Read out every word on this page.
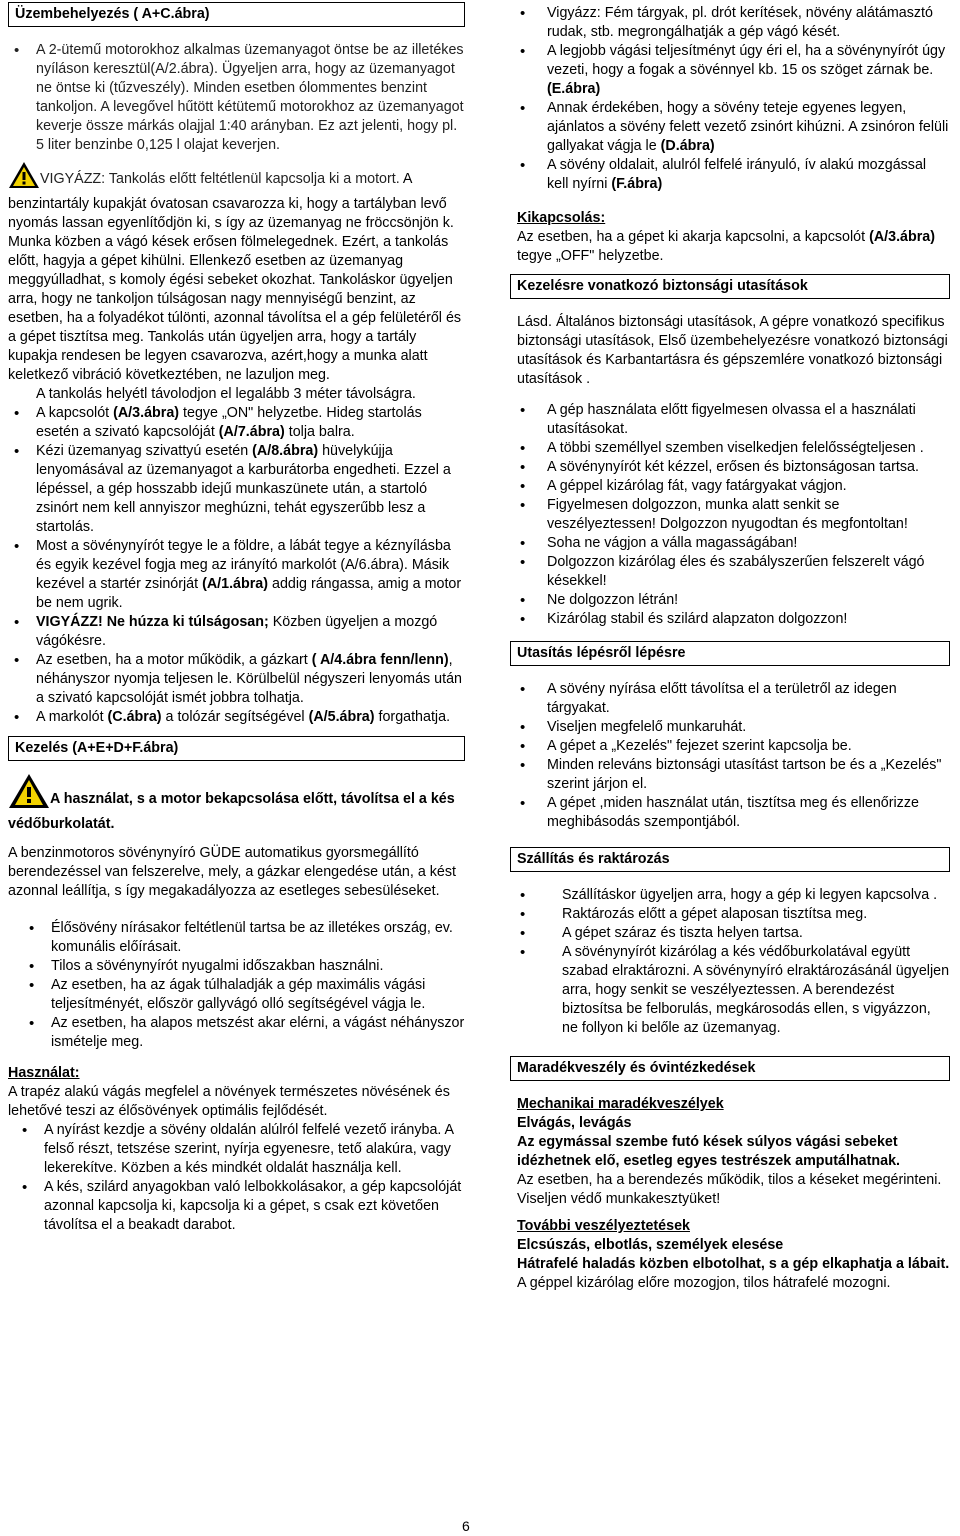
Üzembehelyezés ( A+C.ábra)
• A 2-ütemű motorokhoz alkalmas üzemanyagot öntse be az illetékes nyíláson keresztül(A/2.ábra). Ügyeljen arra, hogy az üzemanyagot ne öntse ki (tűzveszély). Minden esetben ólommentes benzint tankoljon. A levegővel hűtött kétütemű motorokhoz az üzemanyagot keverje össze márkás olajjal 1:40 arányban. Ez azt jelenti, hogy pl. 5 liter benzinbe 0,125 l olajat keverjen.

VIGYÁZZ: Tankolás előtt feltétlenül kapcsolja ki a motort. A benzintartály kupakját óvatosan csavarozza ki, hogy a tartályban levő nyomás lassan egyenlítődjön ki, s így az üzemanyag ne fröccsönjön k. Munka közben a vágó kések erősen fölmelegednek. Ezért, a tankolás előtt, hagyja a gépet kihülni. Ellenkező esetben az üzemanyag meggyúlladhat, s komoly égési sebeket okozhat. Tankoláskor ügyeljen arra, hogy ne tankoljon túlságosan nagy mennyiségű benzint, az esetben, ha a folyadékot túlönti, azonnal távolítsa el a gép felületéről és a gépet tisztítsa meg. Tankolás után ügyeljen arra, hogy a tartály kupakja rendesen be legyen csavarozva, azért,hogy a munka alatt keletkező vibráció következtében, ne lazuljon meg.

A tankolás helyétl távolodjon el legalább 3 méter távolságra.

• A kapcsolót (A/3.ábra) tegye „ON" helyzetbe. Hideg startolás esetén a szivató kapcsolóját (A/7.ábra) tolja balra.
• Kézi üzemanyag szivattyú esetén (A/8.ábra) hüvelykújja lenyomásával az üzemanyagot a karburátorba engedheti. Ezzel a lépéssel, a gép hosszabb idejű munkaszünete után, a startoló zsinórt nem kell annyiszor meghúzni, tehát egyszerűbb lesz a startolás.
• Most a sövénynyírót tegye le a földre, a lábát tegye a kéznyílásba és egyik kezével fogja meg az irányító markolót (A/6.ábra). Másik kezével a startér zsinórját (A/1.ábra) addig rángassa, amig a motor be nem ugrik.
• VIGYÁZZ! Ne húzza ki túlságosan; Közben ügyeljen a mozgó vágókésre.
• Az esetben, ha a motor működik, a gázkart ( A/4.ábra fenn/lenn), néhányszor nyomja teljesen le. Körülbelül négyszeri lenyomás után a szivató kapcsolóját ismét jobbra tolhatja.
• A markolót (C.ábra) a tolózár segítségével (A/5.ábra) forgathatja.
Kezelés (A+E+D+F.ábra)

A használat, s a motor bekapcsolása előtt, távolítsa el a kés védőburkolatát.

A benzinmotoros sövénynyíró GÜDE automatikus gyorsmegállító berendezéssel van felszerelve, mely, a gázkar elengedése után, a kést azonnal leállítja, s így megakadályozza az esetleges sebesüléseket.

• Élősövény nírásakor feltétlenül tartsa be az illetékes ország, ev. komunális előírásait.
• Tilos a sövénynyírót nyugalmi időszakban használni.
• Az esetben, ha az ágak túlhaladják a gép maximális vágási teljesítményét, először gallyvágó olló segítségével vágja le.
• Az esetben, ha alapos metszést akar elérni, a vágást néhányszor ismételje meg.

Használat:

A trapéz alakú vágás megfelel a növények természetes növésének és lehetővé teszi az élősövények optimális fejlődését.

• A nyírást kezdje a sövény oldalán alúlról felfelé vezető irányba. A felső részt, tetszése szerint, nyírja egyenesre, tető alakúra, vagy lekerekítve. Közben a kés mindkét oldalát használja kell.
• A kés, szilárd anyagokban való lelbokkolásakor, a gép kapcsolóját azonnal kapcsolja ki, kapcsolja ki a gépet, s csak ezt követően távolítsa el a beakadt darabot.
• Vigyázz: Fém tárgyak, pl. drót kerítések, növény alátámasztó rudak, stb. megrongálhatják a gép vágó kését.
• A legjobb vágási teljesítményt úgy éri el, ha a sövénynyírót úgy vezeti, hogy a fogak a sövénnyel kb. 15 os szöget zárnak be. (E.ábra)
• Annak érdekében, hogy a sövény teteje egyenes legyen, ajánlatos a sövény felett vezető zsinórt kihúzni. A zsinóron felüli gallyakat vágja le (D.ábra)
• A sövény oldalait, alulról felfelé irányuló, ív alakú mozgással kell nyírni (F.ábra)

Kikapcsolás:

Az esetben, ha a gépet ki akarja kapcsolni, a kapcsolót (A/3.ábra) tegye „OFF" helyzetbe.

Kezelésre vonatkozó biztonsági utasítások

Lásd. Általános biztonsági utasítások, A gépre vonatkozó specifikus biztonsági utasítások, Első üzembehelyezésre vonatkozó biztonsági utasítások és Karbantartásra és gépszemlére vonatkozó biztonsági utasítások .

• A gép használata előtt figyelmesen olvassa el a használati utasításokat.
• A többi személlyel szemben viselkedjen felelősségteljesen .
• A sövénynyírót két kézzel, erősen és biztonságosan tartsa.
• A géppel kizárólag fát, vagy fatárgyakat vágjon.
• Figyelmesen dolgozzon, munka alatt senkit se veszélyeztessen! Dolgozzon nyugodtan és megfontoltan!
• Soha ne vágjon a válla magasságában!
• Dolgozzon kizárólag éles és szabályszerűen felszerelt vágó késekkel!
• Ne dolgozzon létrán!
• Kizárólag stabil és szilárd alapzaton dolgozzon!
Utasítás lépésről lépésre
• A sövény nyírása előtt távolítsa el a területről az idegen tárgyakat.
• Viseljen megfelelő munkaruhát.
• A gépet a „Kezelés" fejezet szerint kapcsolja be.
• Minden releváns biztonsági utasítást tartson be és a „Kezelés" szerint járjon el.
• A gépet ,miden használat után, tisztítsa meg és ellenőrizze meghibásodás szempontjából.
Szállítás és raktározás
• Szállításkor ügyeljen arra, hogy a gép ki legyen kapcsolva .
• Raktározás előtt a gépet alaposan tisztítsa meg.
• A gépet száraz és tiszta helyen tartsa.
• A sövénynyírót kizárólag a kés védőburkolatával együtt szabad elraktározni. A sövénynyíró elraktározásánál ügyeljen arra, hogy senkit se veszélyeztessen. A berendezést biztosítsa be felborulás, megkárosodás ellen, s vigyázzon, ne follyon ki belőle az üzemanyag.
Maradékveszély és óvintézkedések

Mechanikai maradékveszélyek

Elvágás, levágás

Az egymással szembe futó kések súlyos vágási sebeket idézhetnek elő, esetleg egyes testrészek amputálhatnak.

Az esetben, ha a berendezés működik, tilos a késeket megérinteni.

Viseljen védő munkakesztyüket!

További veszélyeztetések

Elcsúszás, elbotlás, személyek elesése

Hátrafelé haladás közben elbotolhat, s a gép elkaphatja a lábait.

A géppel kizárólag előre mozogjon, tilos hátrafelé mozogni.

6
